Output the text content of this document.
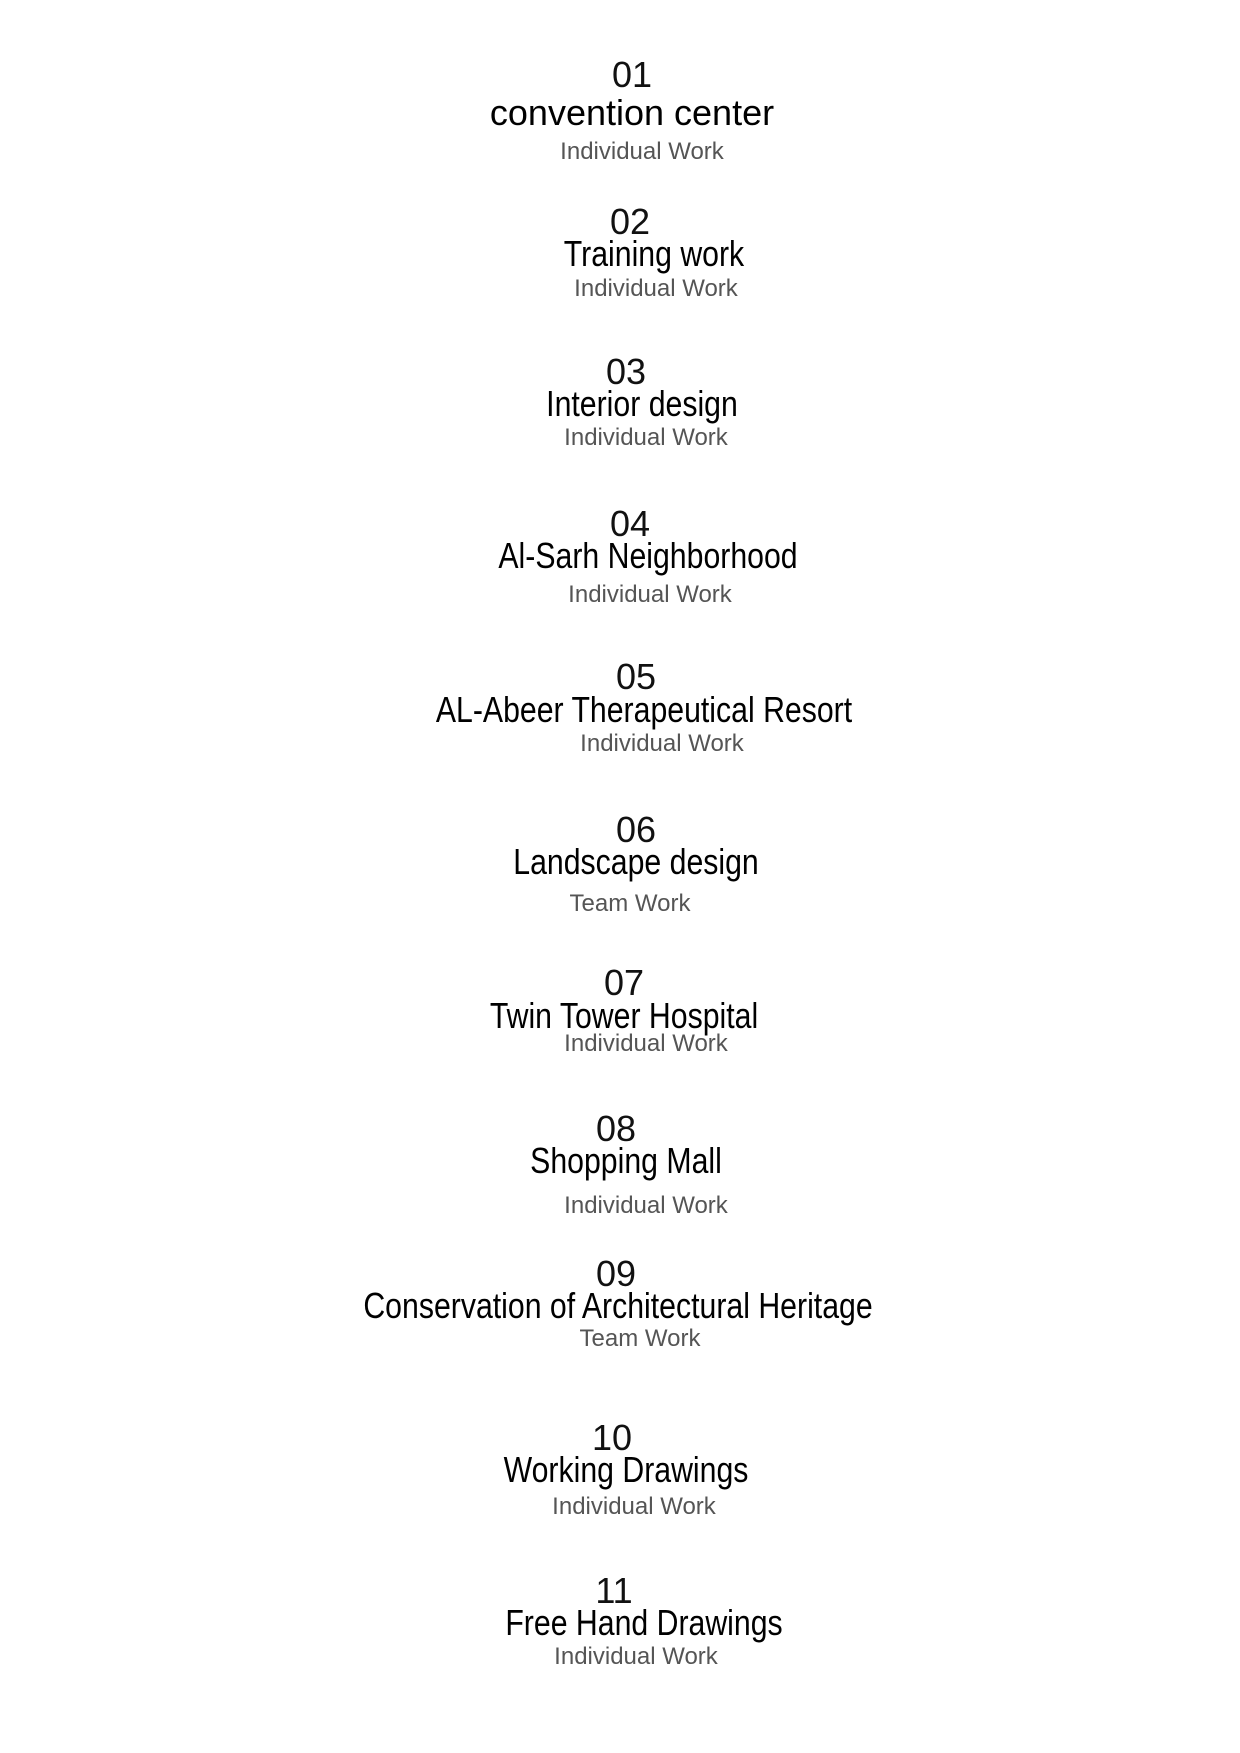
01
convention center
Individual Work
02
Training work
Individual Work
03
Interior design
Individual Work
04
Al-Sarh Neighborhood
Individual Work
05
AL-Abeer Therapeutical Resort
Individual Work
06
Landscape design
Team Work
07
Twin Tower Hospital
Individual Work
08
Shopping Mall
Individual Work
09
Conservation of Architectural Heritage
Team Work
10
Working Drawings
Individual Work
11
Free Hand Drawings
Individual Work
